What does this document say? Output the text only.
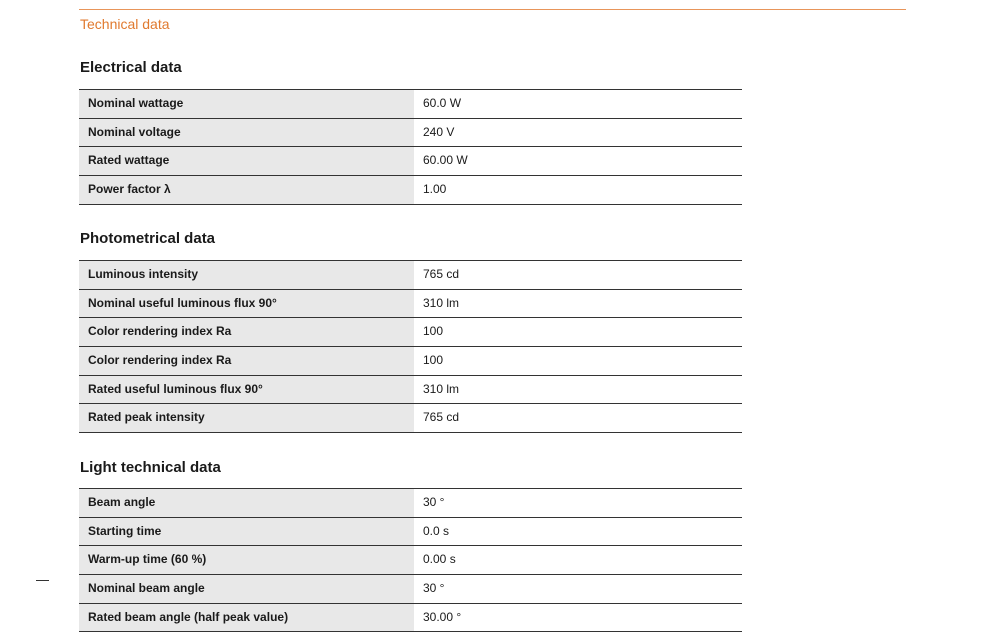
Technical data
Electrical data
Nominal wattage	60.0 W
Nominal voltage	240 V
Rated wattage	60.00 W
Power factor λ	1.00
Photometrical data
Luminous intensity	765 cd
Nominal useful luminous flux 90°	310 lm
Color rendering index Ra	100
Color rendering index Ra	100
Rated useful luminous flux 90°	310 lm
Rated peak intensity	765 cd
Light technical data
Beam angle	30 °
Starting time	0.0 s
Warm-up time (60 %)	0.00 s
Nominal beam angle	30 °
Rated beam angle (half peak value)	30.00 °
